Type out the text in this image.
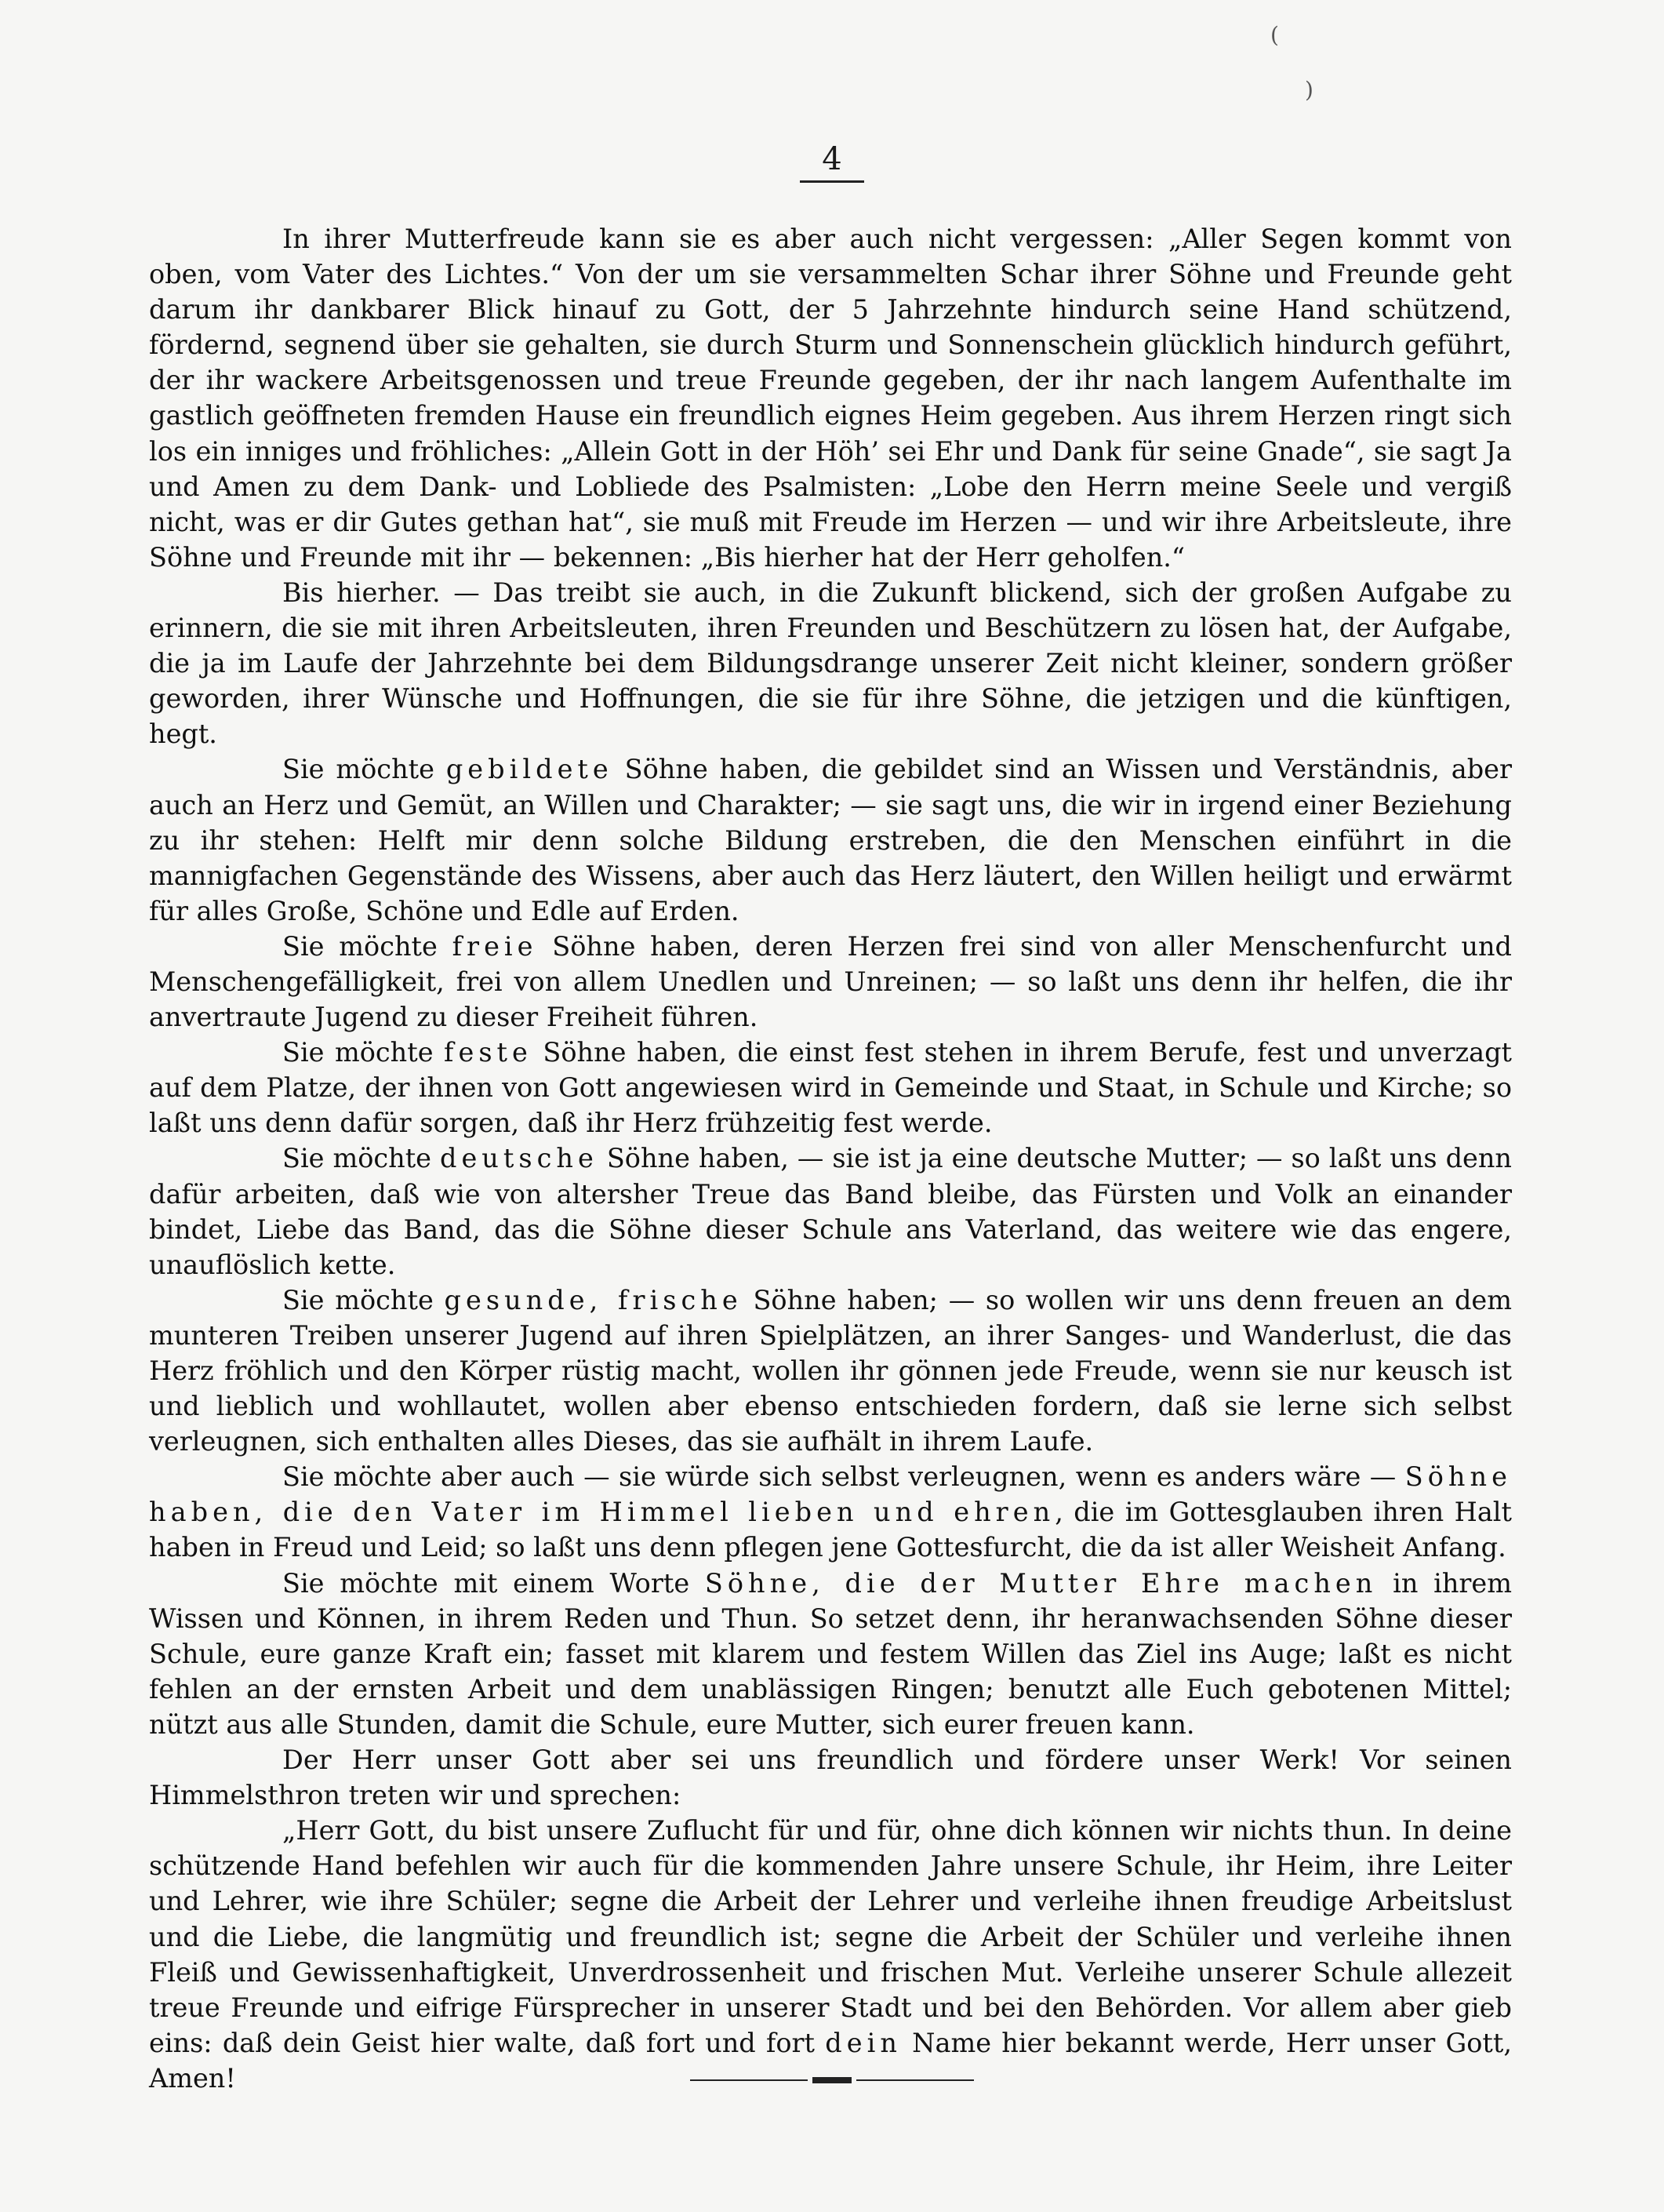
(
)
4

In ihrer Mutterfreude kann sie es aber auch nicht vergessen: „Aller Segen kommt von oben, vom Vater des Lichtes.“ Von der um sie versammelten Schar ihrer Söhne und Freunde geht darum ihr dankbarer Blick hinauf zu Gott, der 5 Jahrzehnte hindurch seine Hand schützend, fördernd, segnend über sie gehalten, sie durch Sturm und Sonnenschein glücklich hindurch geführt, der ihr wackere Arbeitsgenossen und treue Freunde gegeben, der ihr nach langem Aufenthalte im gastlich geöffneten fremden Hause ein freundlich eignes Heim gegeben. Aus ihrem Herzen ringt sich los ein inniges und fröhliches: „Allein Gott in der Höh’ sei Ehr und Dank für seine Gnade“, sie sagt Ja und Amen zu dem Dank- und Lobliede des Psalmisten: „Lobe den Herrn meine Seele und vergiß nicht, was er dir Gutes gethan hat“, sie muß mit Freude im Herzen — und wir ihre Arbeitsleute, ihre Söhne und Freunde mit ihr — bekennen: „Bis hierher hat der Herr geholfen.“

Bis hierher. — Das treibt sie auch, in die Zukunft blickend, sich der großen Aufgabe zu erinnern, die sie mit ihren Arbeitsleuten, ihren Freunden und Beschützern zu lösen hat, der Aufgabe, die ja im Laufe der Jahrzehnte bei dem Bildungsdrange unserer Zeit nicht kleiner, sondern größer geworden, ihrer Wünsche und Hoffnungen, die sie für ihre Söhne, die jetzigen und die künftigen, hegt.

Sie möchte gebildete Söhne haben, die gebildet sind an Wissen und Verständnis, aber auch an Herz und Gemüt, an Willen und Charakter; — sie sagt uns, die wir in irgend einer Beziehung zu ihr stehen: Helft mir denn solche Bildung erstreben, die den Menschen einführt in die mannigfachen Gegenstände des Wissens, aber auch das Herz läutert, den Willen heiligt und erwärmt für alles Große, Schöne und Edle auf Erden.

Sie möchte freie Söhne haben, deren Herzen frei sind von aller Menschenfurcht und Menschengefälligkeit, frei von allem Unedlen und Unreinen; — so laßt uns denn ihr helfen, die ihr anvertraute Jugend zu dieser Freiheit führen.

Sie möchte feste Söhne haben, die einst fest stehen in ihrem Berufe, fest und unverzagt auf dem Platze, der ihnen von Gott angewiesen wird in Gemeinde und Staat, in Schule und Kirche; so laßt uns denn dafür sorgen, daß ihr Herz frühzeitig fest werde.

Sie möchte deutsche Söhne haben, — sie ist ja eine deutsche Mutter; — so laßt uns denn dafür arbeiten, daß wie von altersher Treue das Band bleibe, das Fürsten und Volk an einander bindet, Liebe das Band, das die Söhne dieser Schule ans Vaterland, das weitere wie das engere, unauflöslich kette.

Sie möchte gesunde, frische Söhne haben; — so wollen wir uns denn freuen an dem munteren Treiben unserer Jugend auf ihren Spielplätzen, an ihrer Sanges- und Wanderlust, die das Herz fröhlich und den Körper rüstig macht, wollen ihr gönnen jede Freude, wenn sie nur keusch ist und lieblich und wohllautet, wollen aber ebenso entschieden fordern, daß sie lerne sich selbst verleugnen, sich enthalten alles Dieses, das sie aufhält in ihrem Laufe.

Sie möchte aber auch — sie würde sich selbst verleugnen, wenn es anders wäre — Söhne haben, die den Vater im Himmel lieben und ehren, die im Gottesglauben ihren Halt haben in Freud und Leid; so laßt uns denn pflegen jene Gottesfurcht, die da ist aller Weisheit Anfang.

Sie möchte mit einem Worte Söhne, die der Mutter Ehre machen in ihrem Wissen und Können, in ihrem Reden und Thun. So setzet denn, ihr heranwachsenden Söhne dieser Schule, eure ganze Kraft ein; fasset mit klarem und festem Willen das Ziel ins Auge; laßt es nicht fehlen an der ernsten Arbeit und dem unablässigen Ringen; benutzt alle Euch gebotenen Mittel; nützt aus alle Stunden, damit die Schule, eure Mutter, sich eurer freuen kann.

Der Herr unser Gott aber sei uns freundlich und fördere unser Werk! Vor seinen Himmelsthron treten wir und sprechen:

„Herr Gott, du bist unsere Zuflucht für und für, ohne dich können wir nichts thun. In deine schützende Hand befehlen wir auch für die kommenden Jahre unsere Schule, ihr Heim, ihre Leiter und Lehrer, wie ihre Schüler; segne die Arbeit der Lehrer und verleihe ihnen freudige Arbeitslust und die Liebe, die langmütig und freundlich ist; segne die Arbeit der Schüler und verleihe ihnen Fleiß und Gewissenhaftigkeit, Unverdrossenheit und frischen Mut. Verleihe unserer Schule allezeit treue Freunde und eifrige Fürsprecher in unserer Stadt und bei den Behörden. Vor allem aber gieb eins: daß dein Geist hier walte, daß fort und fort dein Name hier bekannt werde, Herr unser Gott, Amen!
